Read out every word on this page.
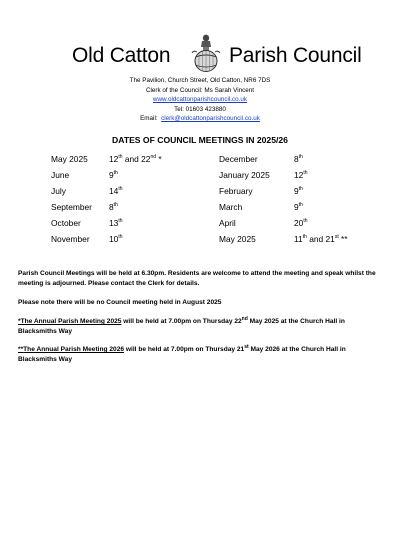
Old Catton	Parish Council
The Pavilion, Church Street, Old Catton, NR6 7DS
Clerk of the Council: Ms Sarah Vincent
www.oldcattonparishcouncil.co.uk
Tel: 01603 423880
Email: clerk@oldcattonparishcouncil.co.uk
DATES OF COUNCIL MEETINGS IN 2025/26
May 2025	12th and 22nd *	December	8th
June	9th	January 2025	12th
July	14th	February	9th
September 8th	March	9th
October	13th	April	20th
November 10th	May 2025	11th and 21st **
Parish Council Meetings will be held at 6.30pm. Residents are welcome to attend the meeting and speak whilst the meeting is adjourned. Please contact the Clerk for details.
Please note there will be no Council meeting held in August 2025
*The Annual Parish Meeting 2025 will be held at 7.00pm on Thursday 22nd May 2025 at the Church Hall in Blacksmiths Way
**The Annual Parish Meeting 2026 will be held at 7.00pm on Thursday 21st May 2026 at the Church Hall in Blacksmiths Way
